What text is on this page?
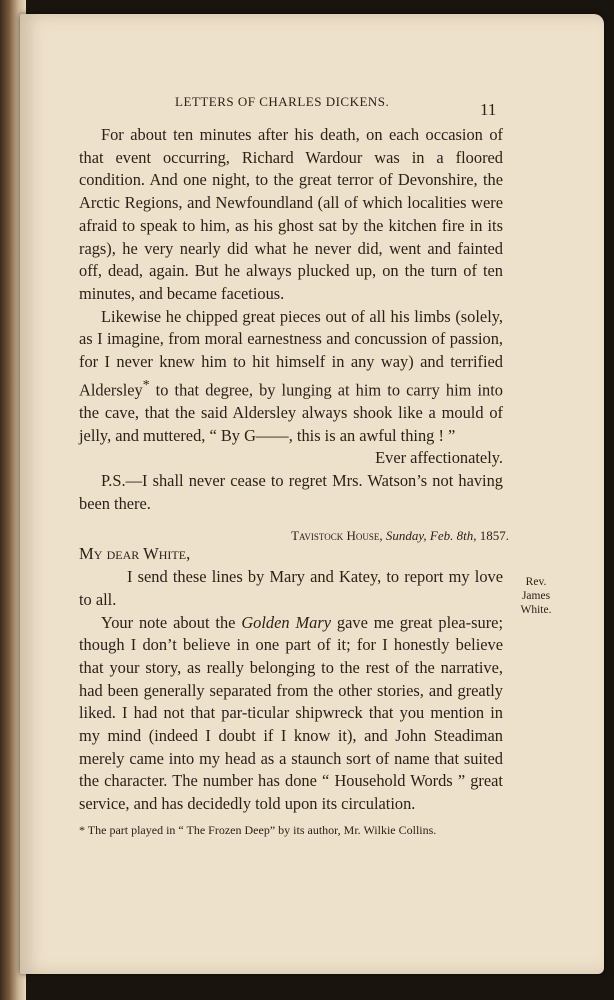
LETTERS OF CHARLES DICKENS.	11

For about ten minutes after his death, on each occasion of that event occurring, Richard Wardour was in a floored condition. And one night, to the great terror of Devonshire, the Arctic Regions, and Newfoundland (all of which localities were afraid to speak to him, as his ghost sat by the kitchen fire in its rags), he very nearly did what he never did, went and fainted off, dead, again. But he always plucked up, on the turn of ten minutes, and became facetious.

Likewise he chipped great pieces out of all his limbs (solely, as I imagine, from moral earnestness and concussion of passion, for I never knew him to hit himself in any way) and terrified Aldersley* to that degree, by lunging at him to carry him into the cave, that the said Aldersley always shook like a mould of jelly, and muttered, “ By G——, this is an awful thing ! ”

Ever affectionately.

P.S.—I shall never cease to regret Mrs. Watson’s not having been there.

My dear White,
Tavistock House, Sunday, Feb. 8th, 1857.

I send these lines by Mary and Katey, to report my love to all.

Your note about the Golden Mary gave me great plea-sure; though I don’t believe in one part of it; for I honestly believe that your story, as really belonging to the rest of the narrative, had been generally separated from the other stories, and greatly liked. I had not that par-ticular shipwreck that you mention in my mind (indeed I doubt if I know it), and John Steadiman merely came into my head as a staunch sort of name that suited the character. The number has done “ Household Words ” great service, and has decidedly told upon its circulation.

* The part played in “ The Frozen Deep” by its author, Mr. Wilkie Collins.
Rev.
James
White.
